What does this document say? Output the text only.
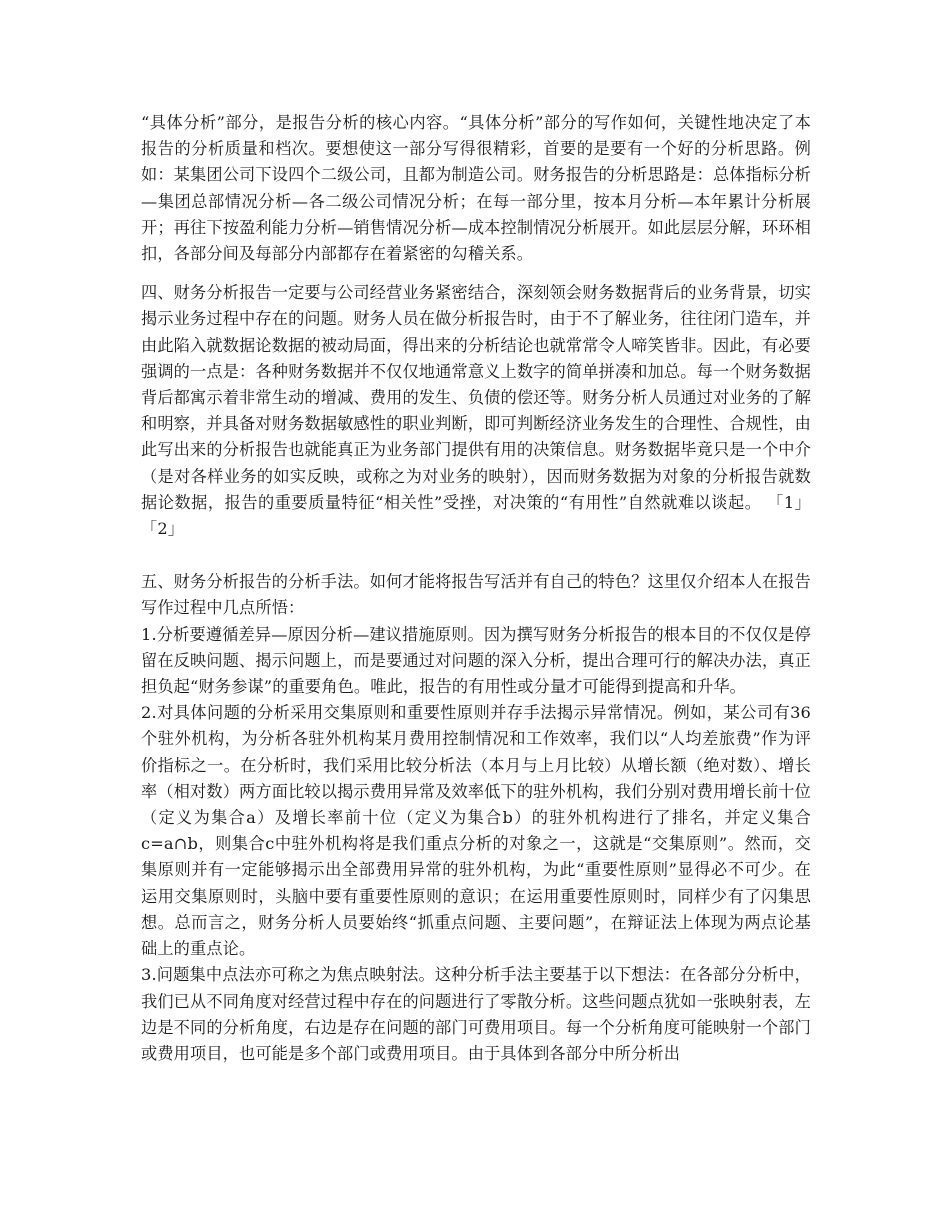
“具体分析”部分，是报告分析的核心内容。“具体分析”部分的写作如何，关键性地决定了本报告的分析质量和档次。要想使这一部分写得很精彩，首要的是要有一个好的分析思路。例如：某集团公司下设四个二级公司，且都为制造公司。财务报告的分析思路是：总体指标分析—集团总部情况分析—各二级公司情况分析；在每一部分里，按本月分析—本年累计分析展开；再往下按盈利能力分析—销售情况分析—成本控制情况分析展开。如此层层分解，环环相扣，各部分间及每部分内部都存在着紧密的勾稽关系。

四、财务分析报告一定要与公司经营业务紧密结合，深刻领会财务数据背后的业务背景，切实揭示业务过程中存在的问题。财务人员在做分析报告时，由于不了解业务，往往闭门造车，并由此陷入就数据论数据的被动局面，得出来的分析结论也就常常令人啼笑皆非。因此，有必要强调的一点是：各种财务数据并不仅仅地通常意义上数字的简单拼凑和加总。每一个财务数据背后都寓示着非常生动的增减、费用的发生、负债的偿还等。财务分析人员通过对业务的了解和明察，并具备对财务数据敏感性的职业判断，即可判断经济业务发生的合理性、合规性，由此写出来的分析报告也就能真正为业务部门提供有用的决策信息。财务数据毕竟只是一个中介（是对各样业务的如实反映，或称之为对业务的映射），因而财务数据为对象的分析报告就数据论数据，报告的重要质量特征“相关性”受挫，对决策的“有用性”自然就难以谈起。 「1」「2」

五、财务分析报告的分析手法。如何才能将报告写活并有自己的特色？这里仅介绍本人在报告写作过程中几点所悟：

1.分析要遵循差异—原因分析—建议措施原则。因为撰写财务分析报告的根本目的不仅仅是停留在反映问题、揭示问题上，而是要通过对问题的深入分析，提出合理可行的解决办法，真正担负起“财务参谋”的重要角色。唯此，报告的有用性或分量才可能得到提高和升华。

2.对具体问题的分析采用交集原则和重要性原则并存手法揭示异常情况。例如，某公司有36个驻外机构，为分析各驻外机构某月费用控制情况和工作效率，我们以“人均差旅费”作为评价指标之一。在分析时，我们采用比较分析法（本月与上月比较）从增长额（绝对数）、增长率（相对数）两方面比较以揭示费用异常及效率低下的驻外机构，我们分别对费用增长前十位（定义为集合a）及增长率前十位（定义为集合b）的驻外机构进行了排名，并定义集合c=a∩b，则集合c中驻外机构将是我们重点分析的对象之一，这就是“交集原则”。然而，交集原则并有一定能够揭示出全部费用异常的驻外机构，为此“重要性原则”显得必不可少。在运用交集原则时，头脑中要有重要性原则的意识；在运用重要性原则时，同样少有了闪集思想。总而言之，财务分析人员要始终“抓重点问题、主要问题”，在辩证法上体现为两点论基础上的重点论。

3.问题集中点法亦可称之为焦点映射法。这种分析手法主要基于以下想法：在各部分分析中，我们已从不同角度对经营过程中存在的问题进行了零散分析。这些问题点犹如一张映射表，左边是不同的分析角度，右边是存在问题的部门可费用项目。每一个分析角度可能映射一个部门或费用项目，也可能是多个部门或费用项目。由于具体到各部分中所分析出
